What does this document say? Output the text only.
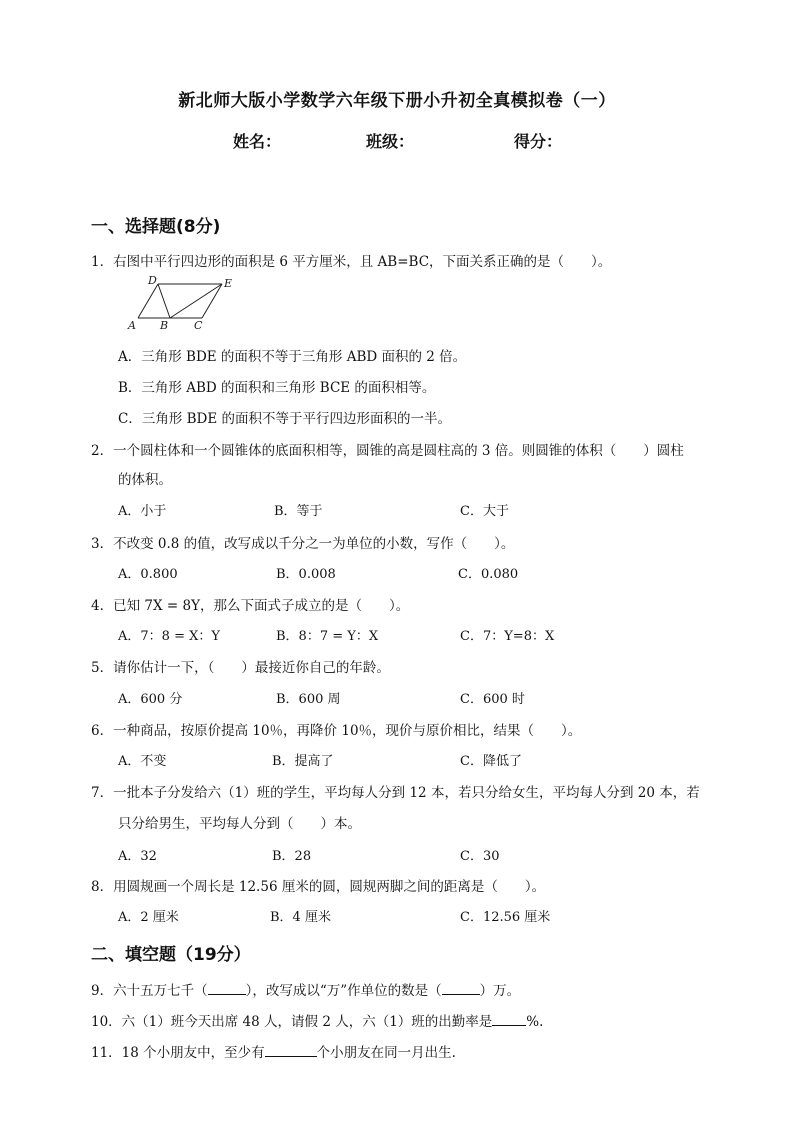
新北师大版小学数学六年级下册小升初全真模拟卷（一）
姓名：	班级：	得分：
一、选择题(8分)
1．右图中平行四边形的面积是 6 平方厘米，且 AB=BC，下面关系正确的是（　　）。
A B C
D	E
A．三角形 BDE 的面积不等于三角形 ABD 面积的 2 倍。
B．三角形 ABD 的面积和三角形 BCE 的面积相等。
C．三角形 BDE 的面积不等于平行四边形面积的一半。
2．一个圆柱体和一个圆锥体的底面积相等，圆锥的高是圆柱高的 3 倍。则圆锥的体积（　　）圆柱
的体积。
A．小于	B．等于	C．大于
3．不改变 0.8 的值，改写成以千分之一为单位的小数，写作（　　）。
A．0.800	B．0.008	C．0.080
4．已知 7X = 8Y，那么下面式子成立的是（　　）。
A．7：8 = X：Y	B．8：7 = Y：X	C．7：Y=8：X
5．请你估计一下，（　　）最接近你自己的年龄。
A．600 分	B．600 周	C．600 时
6．一种商品，按原价提高 10％，再降价 10％，现价与原价相比，结果（　　）。
A．不变	B．提高了	C．降低了
7．一批本子分发给六（1）班的学生，平均每人分到 12 本，若只分给女生，平均每人分到 20 本，若
只分给男生，平均每人分到（　　）本。
A．32	B．28	C．30
8．用圆规画一个周长是 12.56 厘米的圆，圆规两脚之间的距离是（　　）。
A．2 厘米	B．4 厘米	C．12.56 厘米
二、填空题（19分）
9．六十五万七千（	），改写成以“万”作单位的数是（	）万。
10．六（1）班今天出席 48 人，请假 2 人，六（1）班的出勤率是	%.
11．18 个小朋友中，至少有	个小朋友在同一月出生.
